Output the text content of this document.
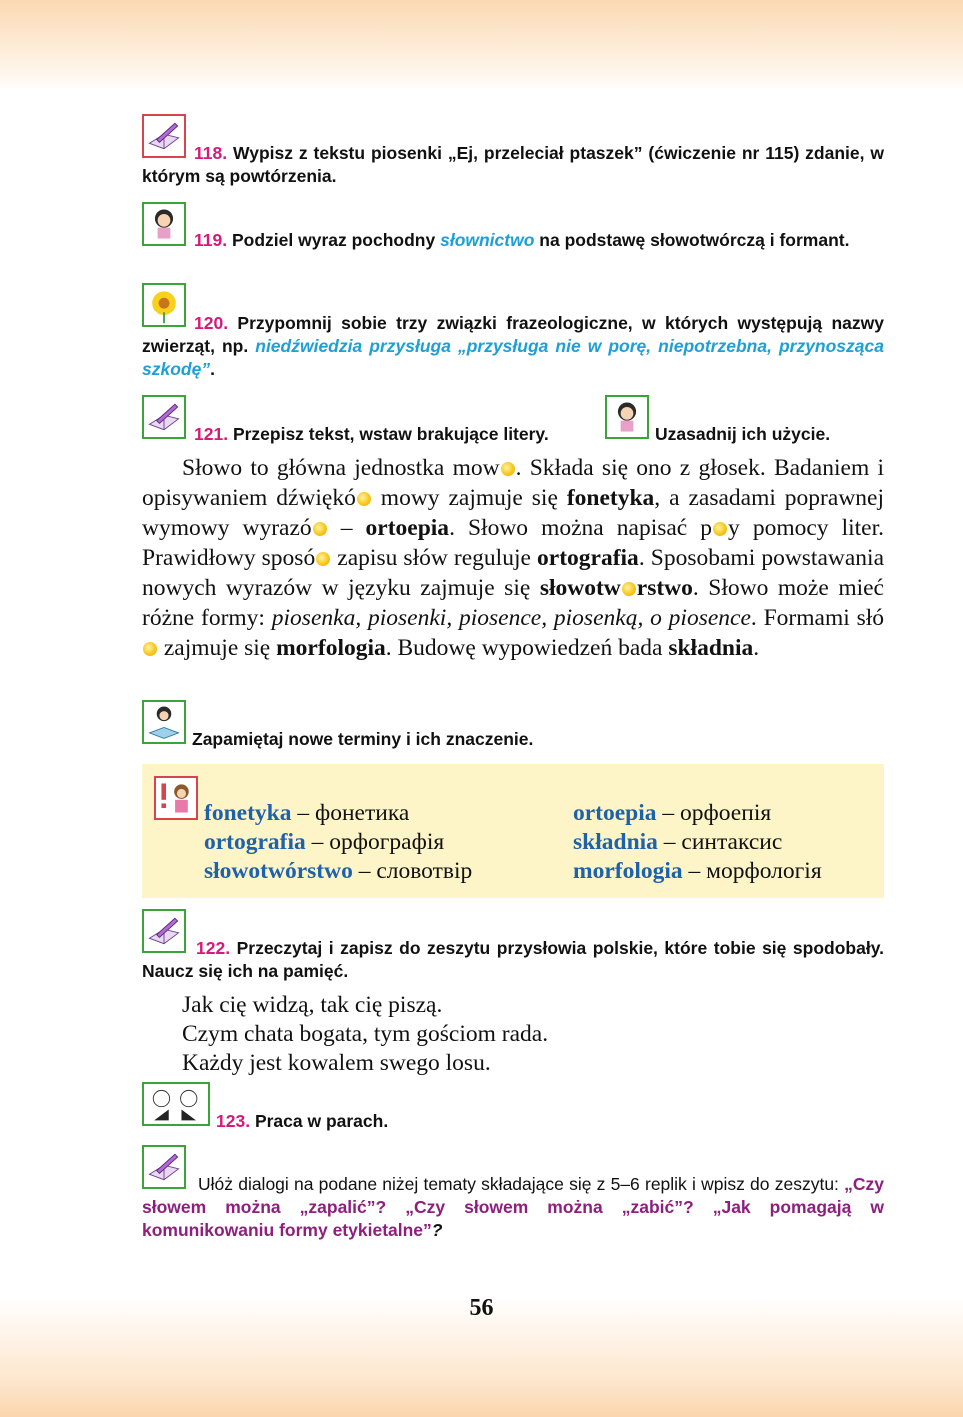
118. Wypisz z tekstu piosenki „Ej, przeleciał ptaszek” (ćwiczenie nr 115) zdanie, w którym są powtórzenia.
119. Podziel wyraz pochodny słownictwo na podstawę słowotwórczą i formant.
120. Przypomnij sobie trzy związki frazeologiczne, w których występują nazwy zwierząt, np. niedźwiedzia przysługa „przysługa nie w porę, niepotrzebna, przynosząca szkodę”.
121. Przepisz tekst, wstaw brakujące litery.	Uzasadnij ich użycie.
Słowo to główna jednostka mow . Składa się ono z głosek. Badaniem i opisywaniem dźwiękó mowy zajmuje się fonetyka, a zasadami poprawnej wymowy wyrazó – ortoepia. Słowo można napisać p y pomocy liter. Prawidłowy sposó zapisu słów reguluje ortografia. Sposobami powstawania nowych wyrazów w języku zajmuje się słowotw rstwo. Słowo może mieć różne formy: piosenka, piosenki, piosence, piosenką, o piosence. Formami słó zajmuje się morfologia. Budowę wypowiedzeń bada składnia.
Zapamiętaj nowe terminy i ich znaczenie.
fonetyka – фонетика
ortografia – орфографія
słowotwórstwo – словотвір
ortoepia – орфоепія
składnia – синтаксис
morfologia – морфологія
122. Przeczytaj i zapisz do zeszytu przysłowia polskie, które tobie się spodobały. Naucz się ich na pamięć.
Jak cię widzą, tak cię piszą.
Czym chata bogata, tym gościom rada.
Każdy jest kowalem swego losu.
123. Praca w parach.
Ułóż dialogi na podane niżej tematy składające się z 5–6 replik i wpisz do zeszytu: „Czy słowem można „zapalić”? „Czy słowem można „zabić”? „Jak pomagają w komunikowaniu formy etykietalne”?
56
